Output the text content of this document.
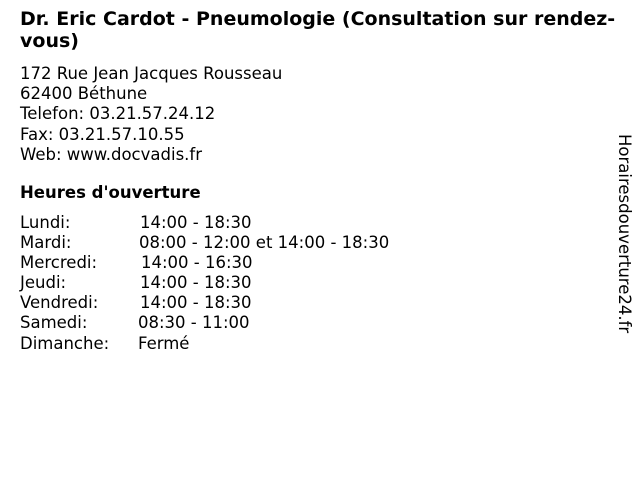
Dr. Eric Cardot - Pneumologie (Consultation sur rendez-vous)
172 Rue Jean Jacques Rousseau
62400 Béthune
Telefon: 03.21.57.24.12
Fax: 03.21.57.10.55
Web: www.docvadis.fr
Heures d'ouverture
Lundi:	14:00 - 18:30
Mardi:	08:00 - 12:00 et 14:00 - 18:30
Mercredi:	14:00 - 16:30
Jeudi:	14:00 - 18:30
Vendredi:	14:00 - 18:30
Samedi:	08:30 - 11:00
Dimanche: Fermé
Horairesdouverture24.fr
